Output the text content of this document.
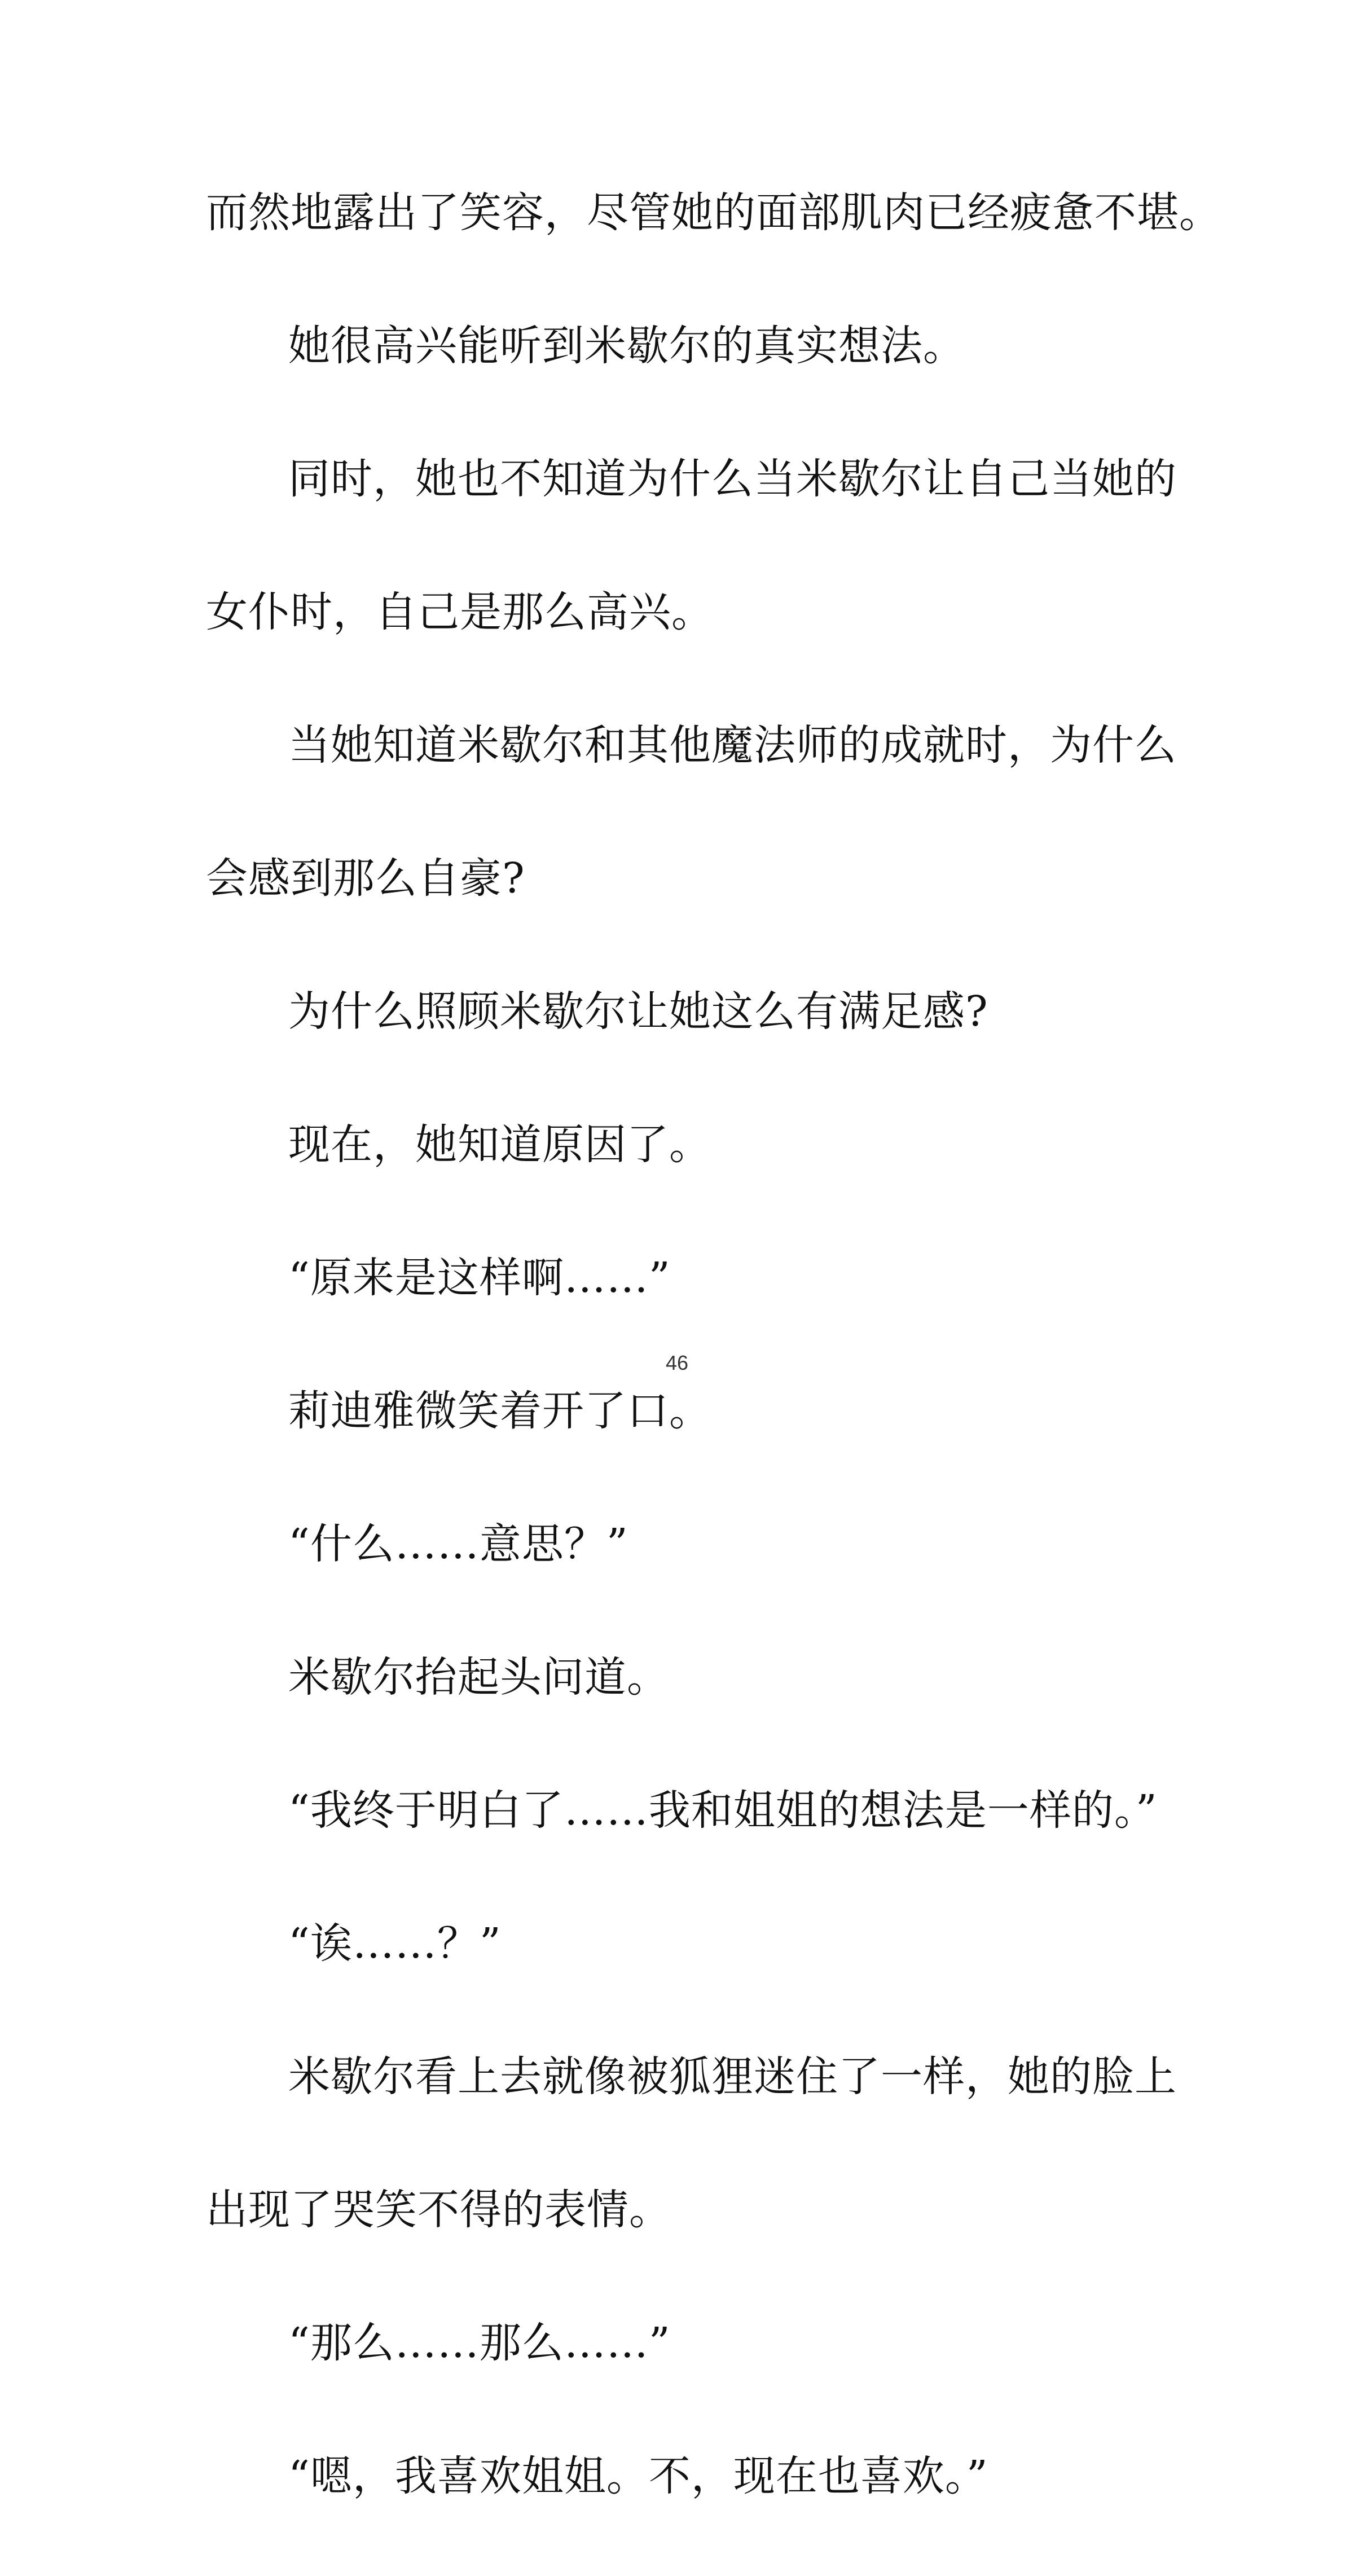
而然地露出了笑容，尽管她的面部肌肉已经疲惫不堪。
她很高兴能听到米歇尔的真实想法。
同时，她也不知道为什么当米歇尔让自己当她的
女仆时，自己是那么高兴。
当她知道米歇尔和其他魔法师的成就时，为什么
会感到那么自豪?
为什么照顾米歇尔让她这么有满足感?
现在，她知道原因了。
“原来是这样啊……”
莉迪雅微笑着开了口。
“什么……意思？”
米歇尔抬起头问道。
“我终于明白了……我和姐姐的想法是一样的。”
“诶……？”
米歇尔看上去就像被狐狸迷住了一样，她的脸上
出现了哭笑不得的表情。
“那么……那么……”
“嗯，我喜欢姐姐。不，现在也喜欢。”
46
